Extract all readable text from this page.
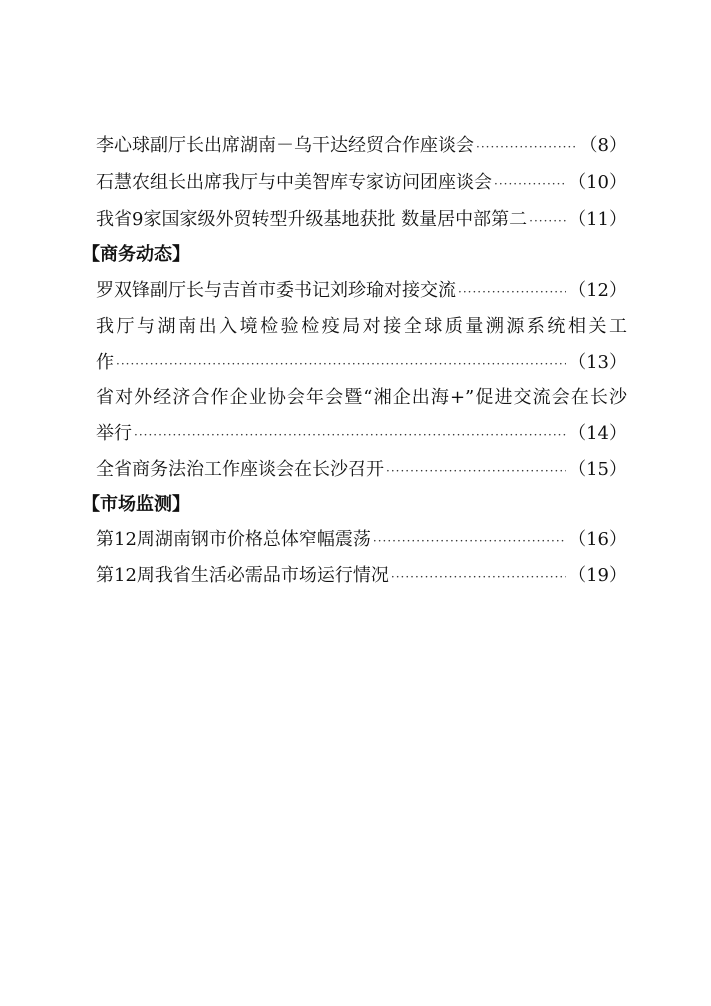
李心球副厅长出席湖南－乌干达经贸合作座谈会 ·····	（8）
石慧农组长出席我厅与中美智库专家访问团座谈会 ·····	（10）
我省9家国家级外贸转型升级基地获批 数量居中部第二 ····· （11）
【商务动态】
罗双锋副厅长与吉首市委书记刘珍瑜对接交流 ·····	（12）
我厅与湖南出入境检验检疫局对接全球质量溯源系统相关工
作 ·····	（13）
省对外经济合作企业协会年会暨“湘企出海+”促进交流会在长沙
举行 ·····	（14）
全省商务法治工作座谈会在长沙召开 ·····	（15）
【市场监测】
第12周湖南钢市价格总体窄幅震荡 ·····	（16）
第12周我省生活必需品市场运行情况 ·····	（19）
